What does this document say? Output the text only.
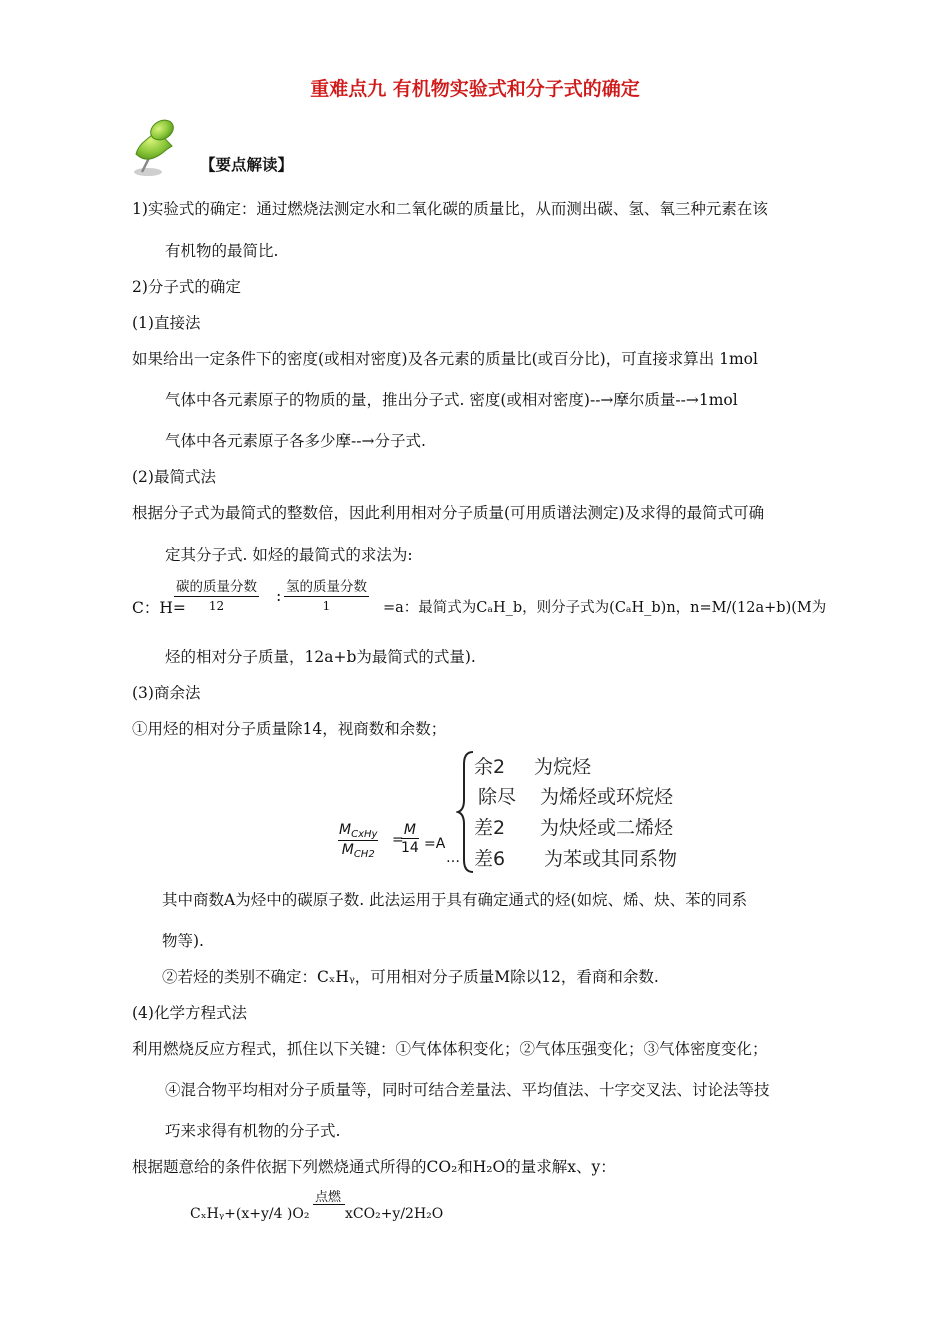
重难点九 有机物实验式和分子式的确定
【要点解读】
1)实验式的确定：通过燃烧法测定水和二氧化碳的质量比，从而测出碳、氢、氧三种元素在该
有机物的最简比.
2)分子式的确定
(1)直接法
如果给出一定条件下的密度(或相对密度)及各元素的质量比(或百分比)，可直接求算出 1mol
气体中各元素原子的物质的量，推出分子式. 密度(或相对密度)--→摩尔质量--→1mol
气体中各元素原子各多少摩--→分子式.
(2)最简式法
根据分子式为最简式的整数倍，因此利用相对分子质量(可用质谱法测定)及求得的最简式可确
定其分子式. 如烃的最简式的求法为:
C：H=
碳的质量分数
12
: 氢的质量分数
1	=a：最简式为CₐH_b，则分子式为(CₐH_b)n，n=M/(12a+b)(M为
烃的相对分子质量，12a+b为最简式的式量).
(3)商余法
①用烃的相对分子质量除14，视商数和余数；
$M_{CxHy}$
$M_{CH2}$
=
$\frac{M}{14} =A$
…
余2 为烷烃
除尽 为烯烃或环烷烃
差2 为炔烃或二烯烃
差6 为苯或其同系物
其中商数A为烃中的碳原子数. 此法运用于具有确定通式的烃(如烷、烯、炔、苯的同系
物等).
②若烃的类别不确定：CₓHᵧ，可用相对分子质量M除以12，看商和余数.
(4)化学方程式法
利用燃烧反应方程式，抓住以下关键：①气体体积变化；②气体压强变化；③气体密度变化；
④混合物平均相对分子质量等，同时可结合差量法、平均值法、十字交叉法、讨论法等技
巧来求得有机物的分子式.
根据题意给的条件依据下列燃烧通式所得的CO₂和H₂O的量求解x、y：
CₓHᵧ+(x+y/4 )O₂
点燃
xCO₂+y/2H₂O
